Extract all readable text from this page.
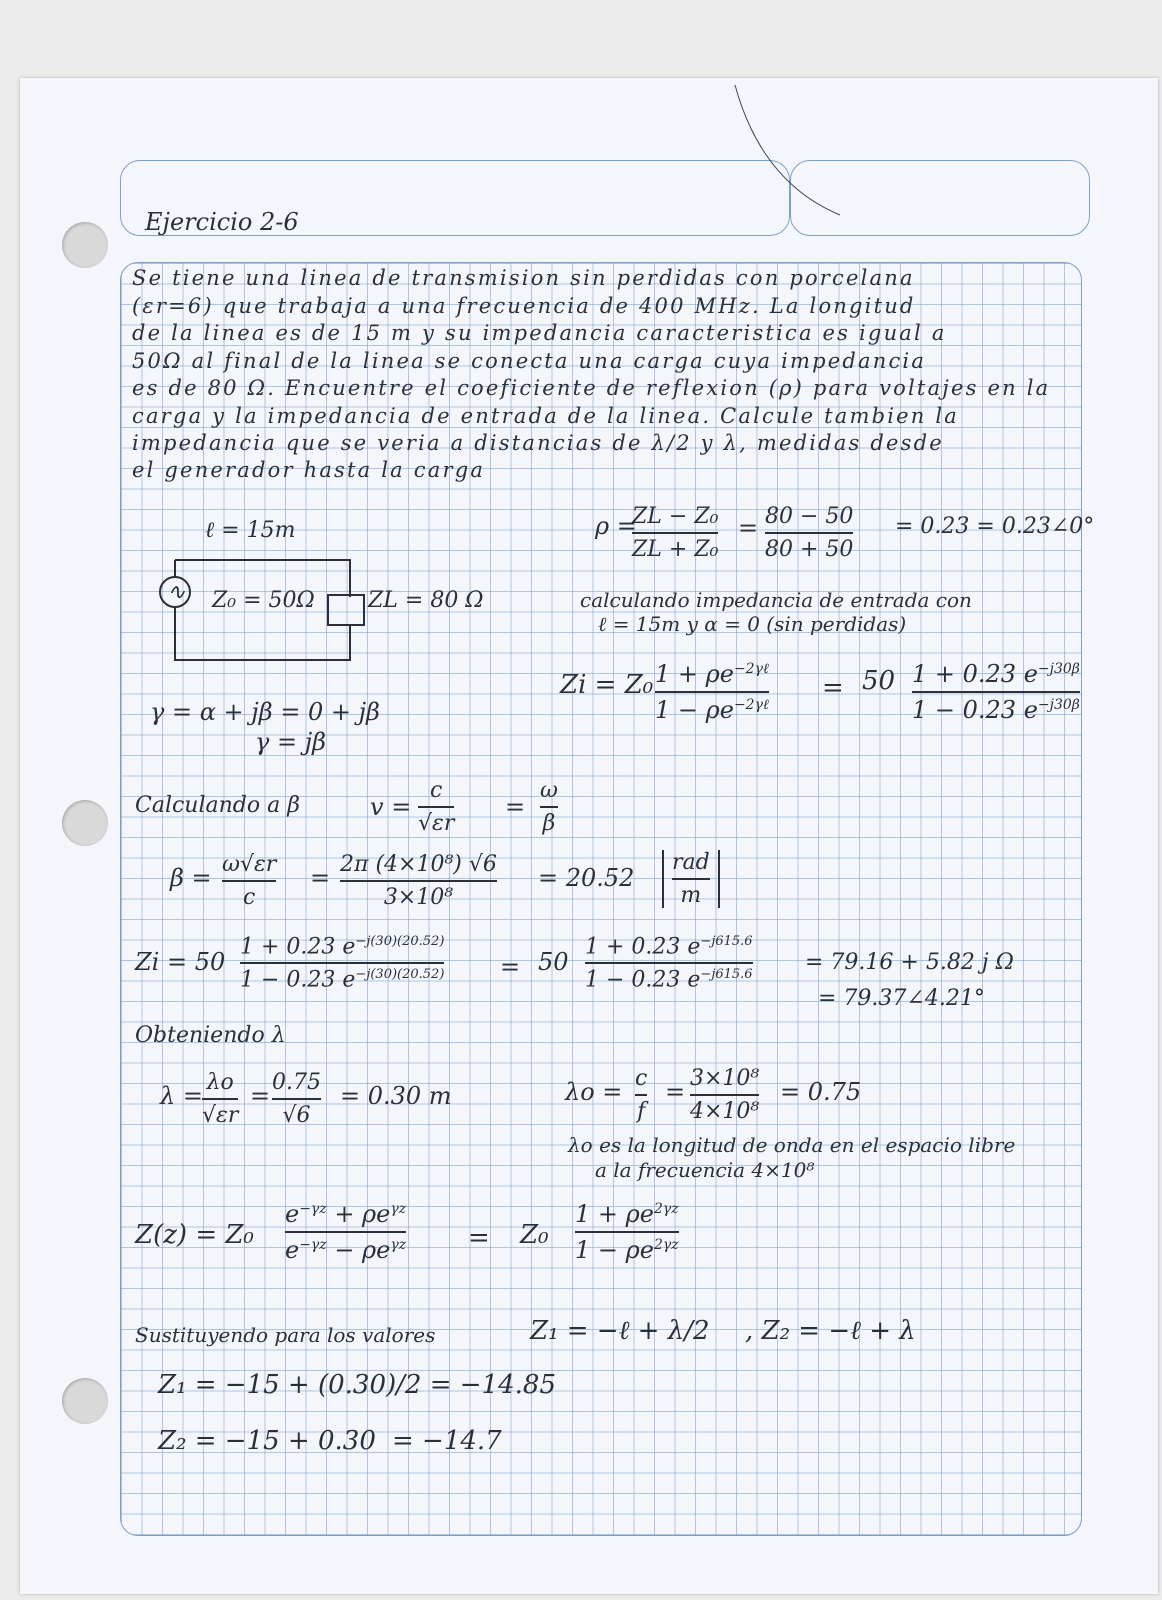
Ejercicio 2-6
Se tiene una linea de transmision sin perdidas con porcelana
(εr=6) que trabaja a una frecuencia de 400 MHz. La longitud
de la linea es de 15 m y su impedancia caracteristica es igual a
50Ω al final de la linea se conecta una carga cuya impedancia
es de 80 Ω. Encuentre el coeficiente de reflexion (ρ) para voltajes en la
carga y la impedancia de entrada de la linea. Calcule tambien la
impedancia que se veria a distancias de λ/2 y λ, medidas desde
el generador hasta la carga
ℓ = 15m
∿ Z₀ = 50Ω ZL = 80 Ω
ρ =
ZL − Z₀
ZL + Z₀
= 80 − 50
80 + 50
= 0.23 = 0.23∠0°
calculando impedancia de entrada con
ℓ = 15m y α = 0 (sin perdidas)
Zi = Z₀ $1 + \rho e^{-2\gamma\ell}$
$1 - \rho e^{-2\gamma\ell}$
= 50 1 + 0.23 $e^{-j30\beta}$
1 − 0.23 $e^{-j30\beta}$
γ = α + jβ = 0 + jβ
γ = jβ
Calculando a β	v =
c
√εr
=
ω
β
β = ω√εr
c
= 2π (4×10⁸) √6
3×10⁸
= 20.52
rad
m
Zi = 50
1 + 0.23 $e^{-j(30)(20.52)}$
1 − 0.23 $e^{-j(30)(20.52)} = 50$
1 + 0.23 $e^{-j615.6}$
1 − 0.23 $e^{-j615.6} = 79.16 + 5.82$ j Ω
= 79.37∠4.21°
Obteniendo λ
λ = λo
√εr
= 0.75
√6
= 0.30 m	λo = c
f
= 3×10⁸
4×10⁸
= 0.75
λo es la longitud de onda en el espacio libre
a la frecuencia 4×10⁸
Z(z) = Z₀
$e^{-\gamma z} + \rho e^{\gamma z}$
$e^{-\gamma z} - \rho e^{\gamma z} = Z_0$
$1 + \rho e^{2\gamma z}$
$1 - \rho e^{2\gamma z}$
Sustituyendo para los valores	Z₁ = −ℓ + λ/2 , Z₂ = −ℓ + λ
Z₁ = −15 + (0.30)/2 = −14.85
Z₂ = −15 + 0.30 = −14.7
